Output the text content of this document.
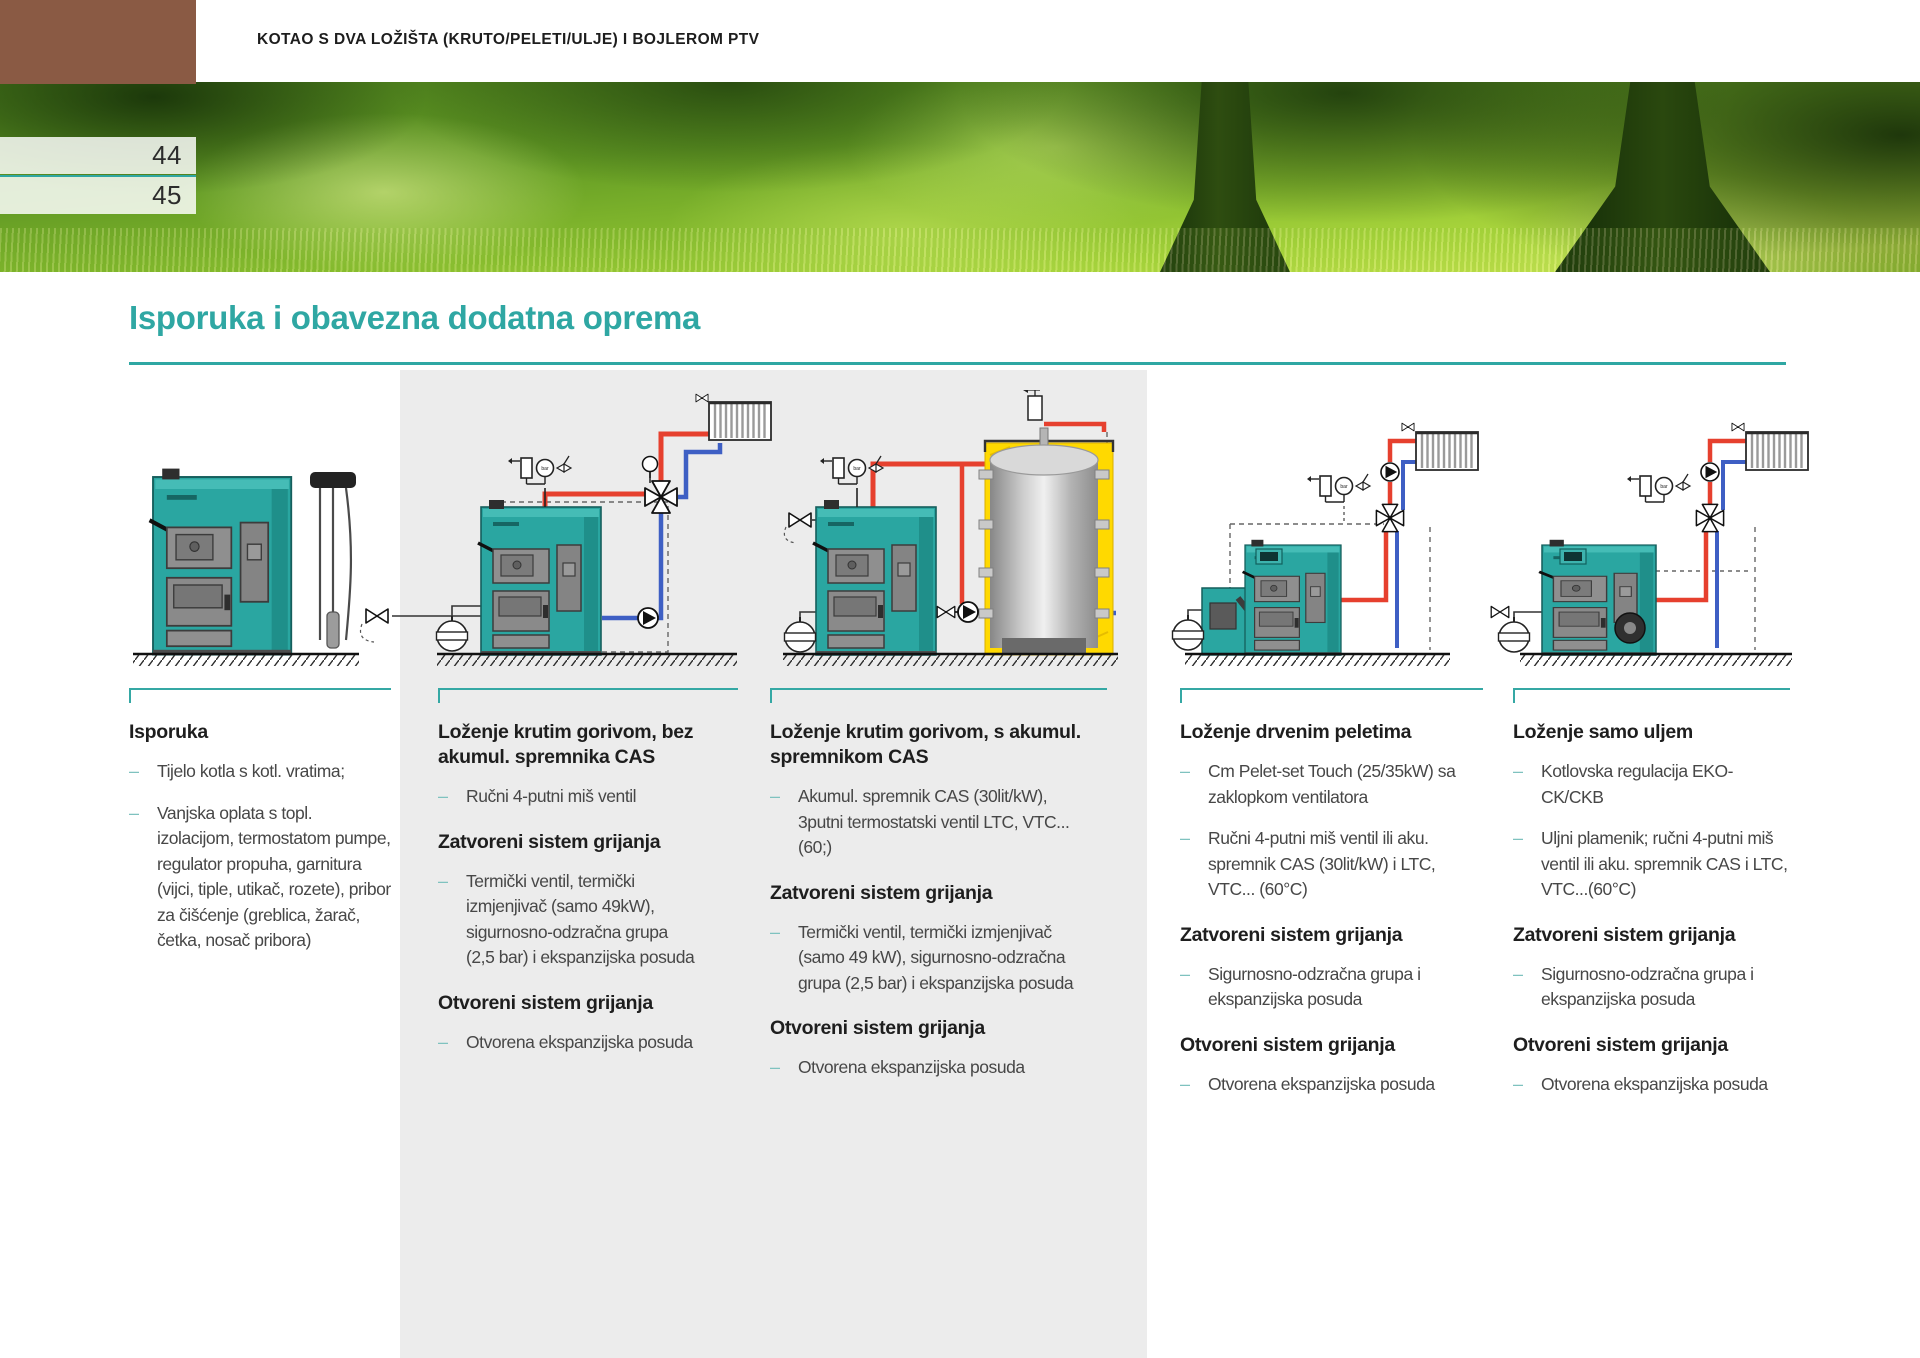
KOTAO S DVA LOŽIŠTA (KRUTO/PELETI/ULJE) I BOJLEROM PTV
44
45
Isporuka i obavezna dodatna oprema
Isporuka
–	Tijelo kotla s kotl. vratima;
–	Vanjska oplata s topl. izolacijom, termostatom pumpe, regulator propuha, garnitura (vijci, tiple, utikač, rozete), pribor za čišćenje (greblica, žarač, četka, nosač pribora)
Loženje krutim gorivom, bez akumul. spremnika CAS
–	Ručni 4-putni miš ventil
Zatvoreni sistem grijanja
–	Termički ventil, termički izmjenjivač (samo 49kW), sigurnosno-odzračna grupa (2,5 bar) i ekspanzijska posuda
Otvoreni sistem grijanja
–	Otvorena ekspanzijska posuda
Loženje krutim gorivom, s akumul. spremnikom CAS
–	Akumul. spremnik CAS (30lit/kW), 3putni termostatski ventil LTC, VTC...(60;)
Zatvoreni sistem grijanja
–	Termički ventil, termički izmjenjivač (samo 49 kW), sigurnosno-odzračna grupa (2,5 bar) i ekspanzijska posuda
Otvoreni sistem grijanja
–	Otvorena ekspanzijska posuda
Loženje drvenim peletima
–	Cm Pelet-set Touch (25/35kW) sa zaklopkom ventilatora
–	Ručni 4-putni miš ventil ili aku. spremnik CAS (30lit/kW) i LTC, VTC... (60°C)
Zatvoreni sistem grijanja
–	Sigurnosno-odzračna grupa i ekspanzijska posuda
Otvoreni sistem grijanja
–	Otvorena ekspanzijska posuda
Loženje samo uljem
–	Kotlovska regulacija EKO-CK/CKB
–	Uljni plamenik; ručni 4-putni miš ventil ili aku. spremnik CAS i LTC, VTC...(60°C)
Zatvoreni sistem grijanja
–	Sigurnosno-odzračna grupa i ekspanzijska posuda
Otvoreni sistem grijanja
–	Otvorena ekspanzijska posuda
